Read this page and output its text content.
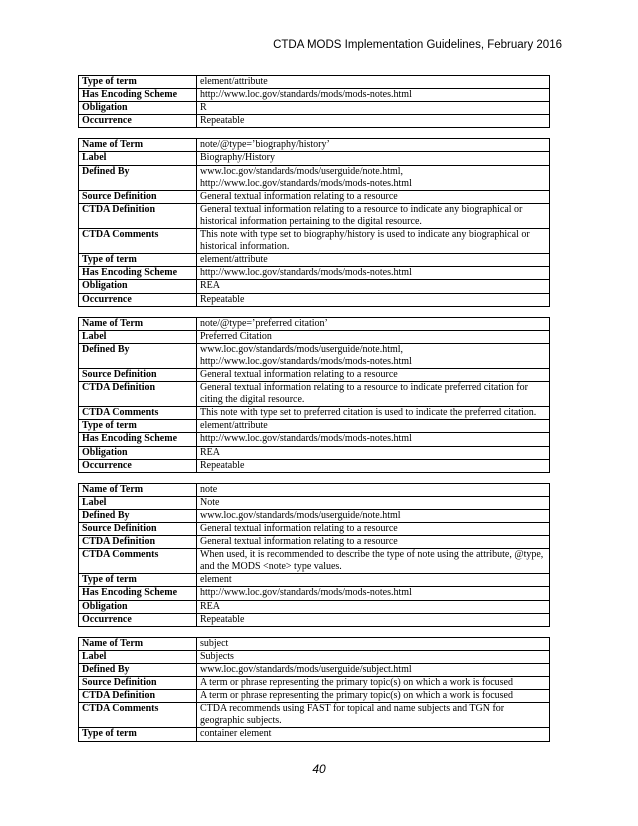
CTDA MODS Implementation Guidelines, February 2016
Type of term	element/attribute
Has Encoding Scheme	http://www.loc.gov/standards/mods/mods-notes.html
Obligation	R
Occurrence	Repeatable
Name of Term	note/@type=’biography/history’
Label	Biography/History
Defined By	www.loc.gov/standards/mods/userguide/note.html, http://www.loc.gov/standards/mods/mods-notes.html
Source Definition	General textual information relating to a resource
CTDA Definition	General textual information relating to a resource to indicate any biographical or historical information pertaining to the digital resource.
CTDA Comments	This note with type set to biography/history is used to indicate any biographical or historical information.
Type of term	element/attribute
Has Encoding Scheme	http://www.loc.gov/standards/mods/mods-notes.html
Obligation	REA
Occurrence	Repeatable
Name of Term	note/@type=’preferred citation’
Label	Preferred Citation
Defined By	www.loc.gov/standards/mods/userguide/note.html, http://www.loc.gov/standards/mods/mods-notes.html
Source Definition	General textual information relating to a resource
CTDA Definition	General textual information relating to a resource to indicate preferred citation for citing the digital resource.
CTDA Comments	This note with type set to preferred citation is used to indicate the preferred citation.
Type of term	element/attribute
Has Encoding Scheme	http://www.loc.gov/standards/mods/mods-notes.html
Obligation	REA
Occurrence	Repeatable
Name of Term	note
Label	Note
Defined By	www.loc.gov/standards/mods/userguide/note.html
Source Definition	General textual information relating to a resource
CTDA Definition	General textual information relating to a resource
CTDA Comments	When used, it is recommended to describe the type of note using the attribute, @type, and the MODS <note> type values.
Type of term	element
Has Encoding Scheme	http://www.loc.gov/standards/mods/mods-notes.html
Obligation	REA
Occurrence	Repeatable
Name of Term	subject
Label	Subjects
Defined By	www.loc.gov/standards/mods/userguide/subject.html
Source Definition	A term or phrase representing the primary topic(s) on which a work is focused
CTDA Definition	A term or phrase representing the primary topic(s) on which a work is focused
CTDA Comments	CTDA recommends using FAST for topical and name subjects and TGN for geographic subjects.
Type of term	container element
40
